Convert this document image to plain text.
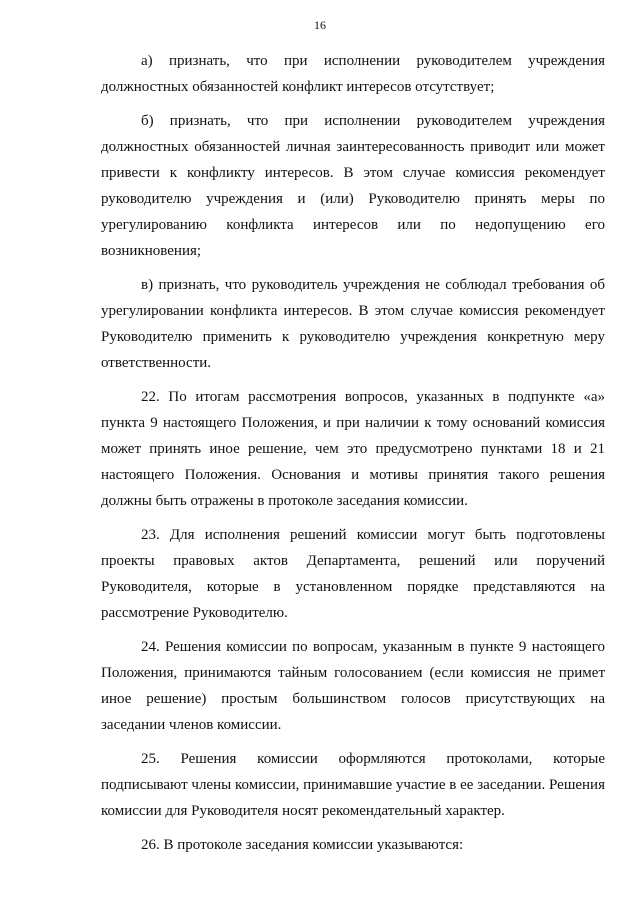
16

а) признать, что при исполнении руководителем учреждения должностных обязанностей конфликт интересов отсутствует;

б) признать, что при исполнении руководителем учреждения должностных обязанностей личная заинтересованность приводит или может привести к конфликту интересов. В этом случае комиссия рекомендует руководителю учреждения и (или) Руководителю принять меры по урегулированию конфликта интересов или по недопущению его возникновения;

в) признать, что руководитель учреждения не соблюдал требования об урегулировании конфликта интересов. В этом случае комиссия рекомендует Руководителю применить к руководителю учреждения конкретную меру ответственности.

22. По итогам рассмотрения вопросов, указанных в подпункте «а» пункта 9 настоящего Положения, и при наличии к тому оснований комиссия может принять иное решение, чем это предусмотрено пунктами 18 и 21 настоящего Положения. Основания и мотивы принятия такого решения должны быть отражены в протоколе заседания комиссии.

23. Для исполнения решений комиссии могут быть подготовлены проекты правовых актов Департамента, решений или поручений Руководителя, которые в установленном порядке представляются на рассмотрение Руководителю.

24. Решения комиссии по вопросам, указанным в пункте 9 настоящего Положения, принимаются тайным голосованием (если комиссия не примет иное решение) простым большинством голосов присутствующих на заседании членов комиссии.

25. Решения комиссии оформляются протоколами, которые подписывают члены комиссии, принимавшие участие в ее заседании. Решения комиссии для Руководителя носят рекомендательный характер.

26. В протоколе заседания комиссии указываются:
